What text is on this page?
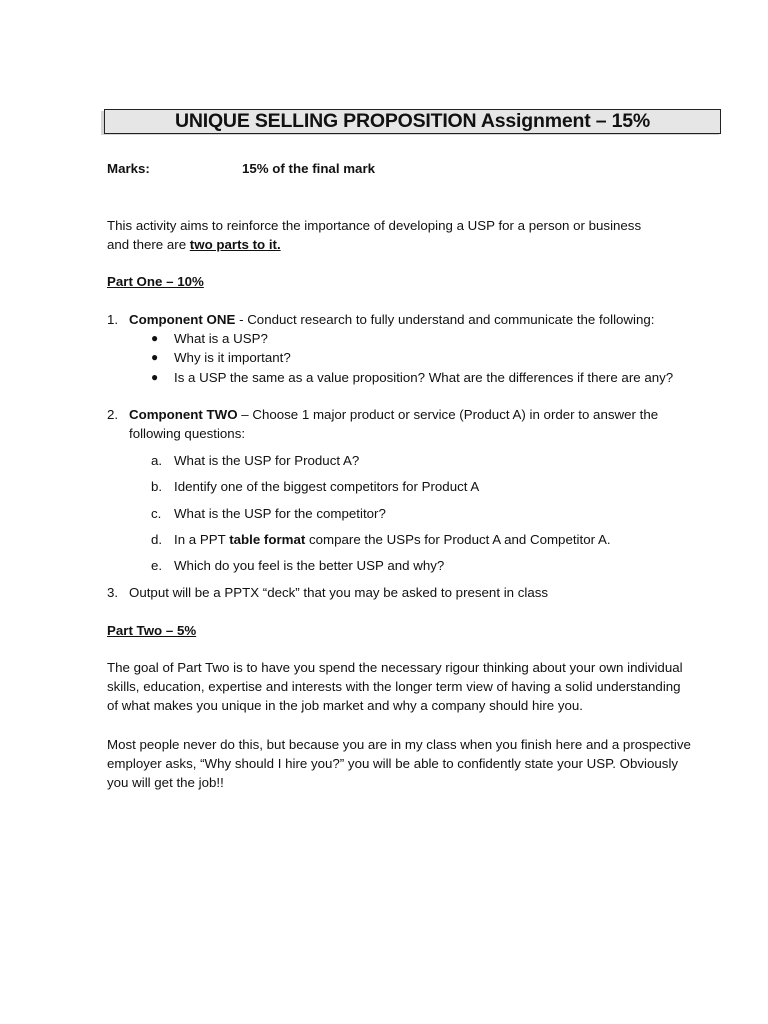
UNIQUE SELLING PROPOSITION Assignment – 15%
Marks:	15% of the final mark
This activity aims to reinforce the importance of developing a USP for a person or business
and there are two parts to it.
Part One – 10%
1. Component ONE - Conduct research to fully understand and communicate the following:
● What is a USP?
● Why is it important?
● Is a USP the same as a value proposition? What are the differences if there are any?
2. Component TWO – Choose 1 major product or service (Product A) in order to answer the
following questions:
a. What is the USP for Product A?
b. Identify one of the biggest competitors for Product A
c. What is the USP for the competitor?
d. In a PPT table format compare the USPs for Product A and Competitor A.
e. Which do you feel is the better USP and why?
3. Output will be a PPTX “deck” that you may be asked to present in class
Part Two – 5%
The goal of Part Two is to have you spend the necessary rigour thinking about your own individual
skills, education, expertise and interests with the longer term view of having a solid understanding
of what makes you unique in the job market and why a company should hire you.
Most people never do this, but because you are in my class when you finish here and a prospective
employer asks, “Why should I hire you?” you will be able to confidently state your USP. Obviously
you will get the job!!
